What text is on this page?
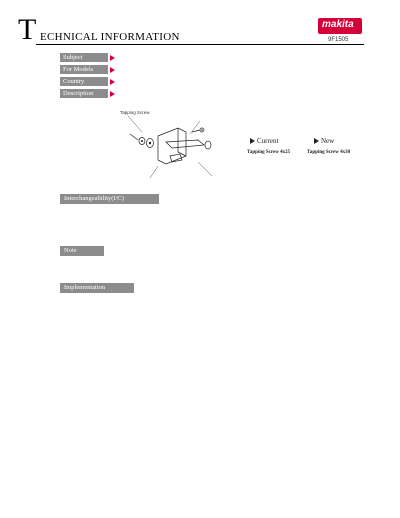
T ECHNICAL INFORMATION
makita
9F1505
Subject
For Models
Country
Description
Tapping Screw
Current	New
Tapping Screw 4x25	Tapping Screw 4x30
Interchangeability(I/C)
Note
Implementation
